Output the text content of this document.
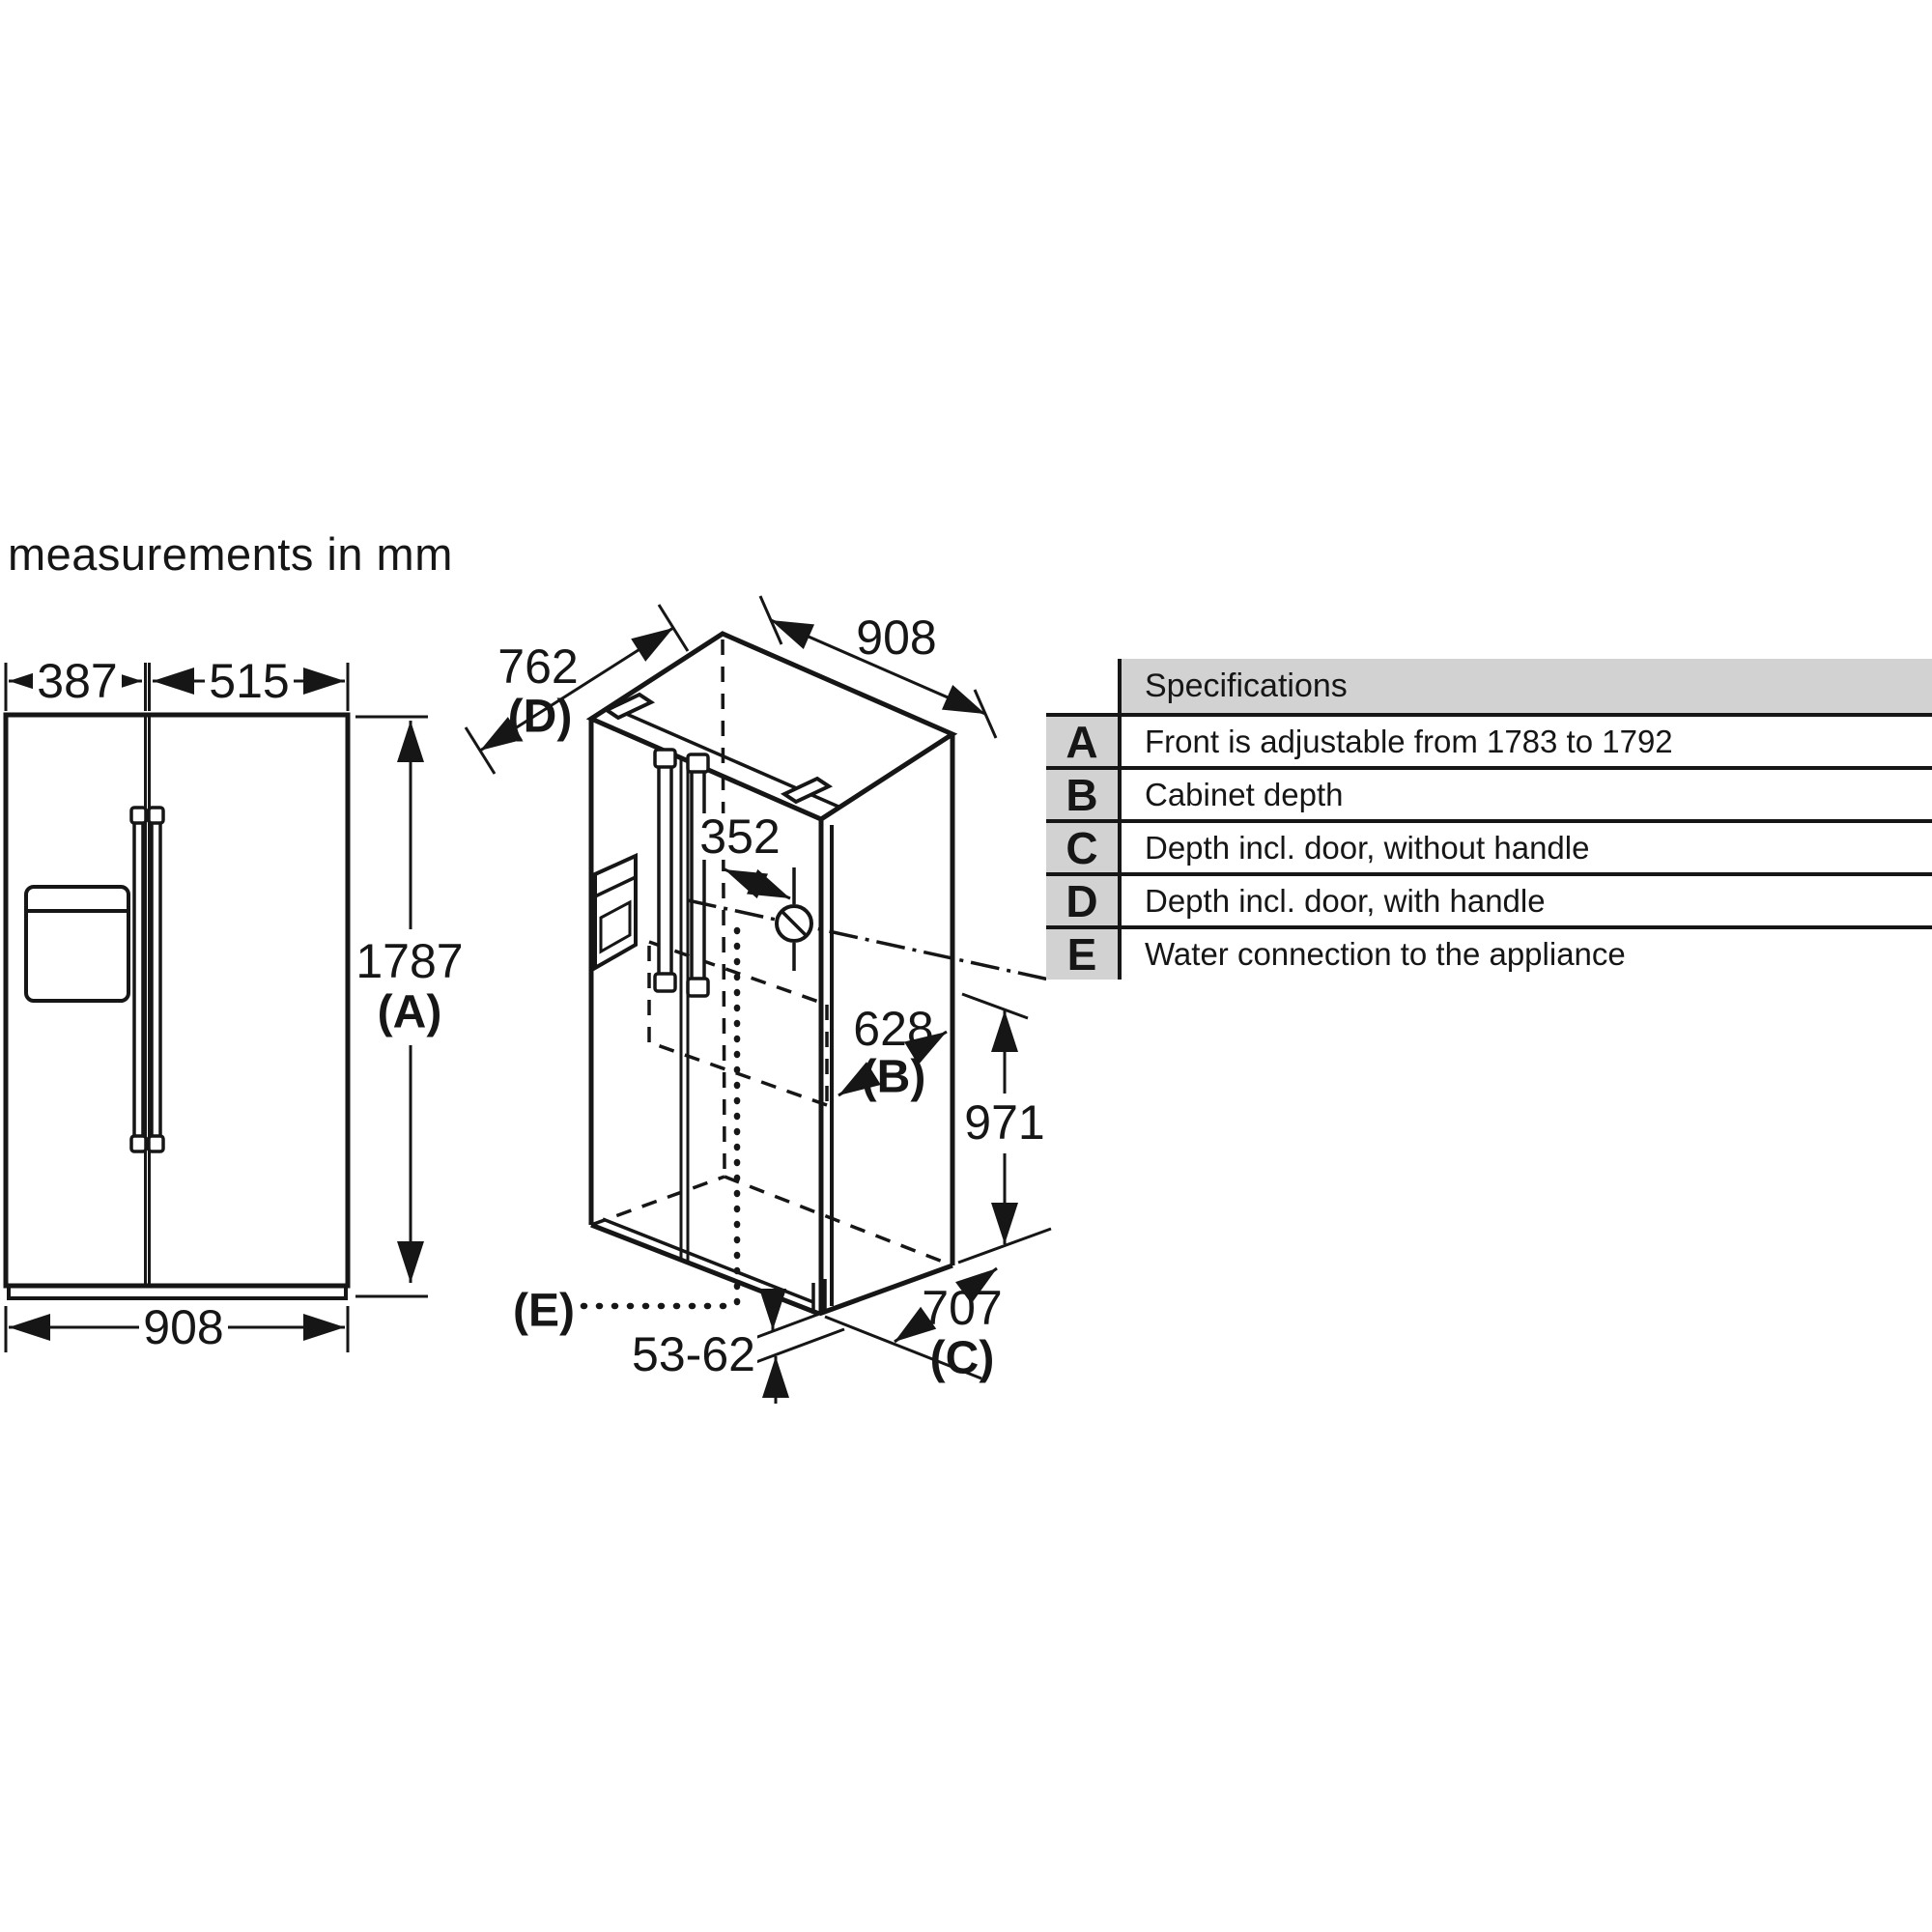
measurements in mm
387 515
1787
(A)
908	(E)
762
(D)
908
352
628
(B)
971
707
(C)
53-62
Specifications
A	Front is adjustable from 1783 to 1792
B	Cabinet depth
C	Depth incl. door, without handle
D	Depth incl. door, with handle
E	Water connection to the appliance
